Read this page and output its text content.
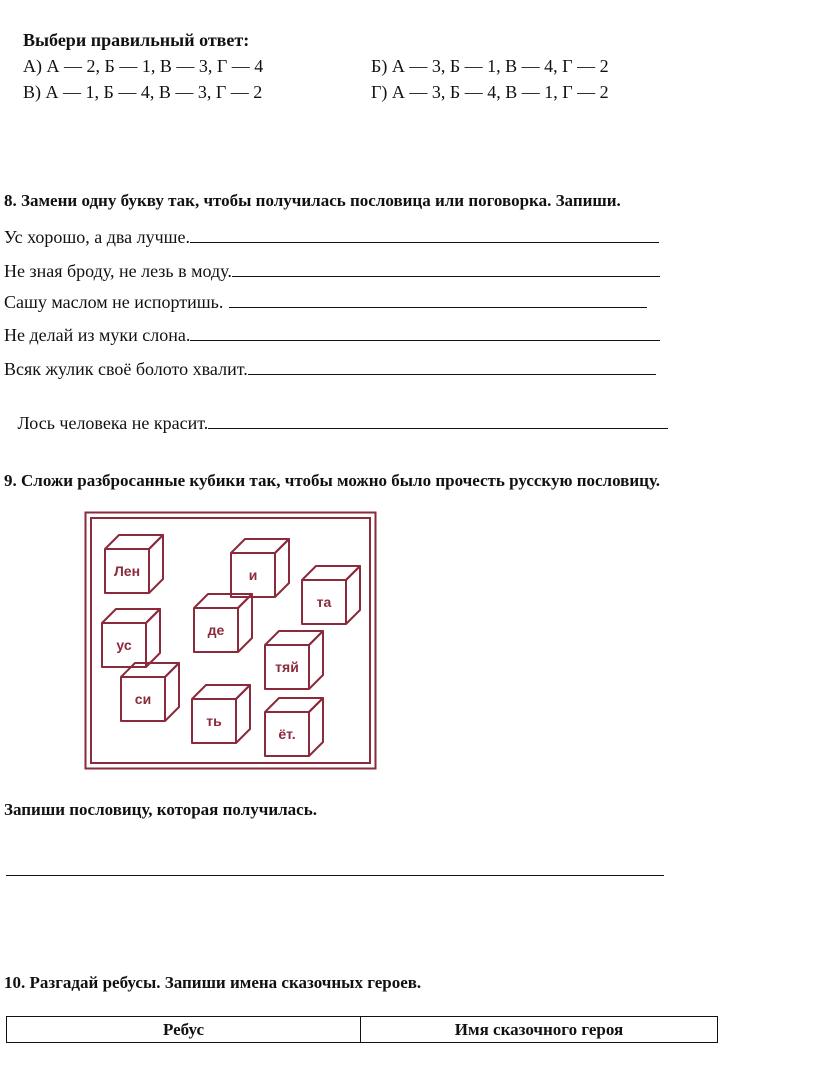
Выбери правильный ответ:
А) А — 2, Б — 1, В — 3, Г — 4	Б) А — 3, Б — 1, В — 4, Г — 2
В) А — 1, Б — 4, В — 3, Г — 2	Г) А — 3, Б — 4, В — 1, Г — 2
8. Замени одну букву так, чтобы получилась пословица или поговорка. Запиши.
Ус хорошо, а два лучше.
Не зная броду, не лезь в моду.
Сашу маслом не испортишь.
Не делай из муки слона.
Всяк жулик своё болото хвалит.

Лось человека не красит.

9. Сложи разбросанные кубики так, чтобы можно было прочесть русскую пословицу.
Лен	и
та
де
ус
тяй
си
ть
ёт.
Запиши пословицу, которая получилась.
10. Разгадай ребусы. Запиши имена сказочных героев.
Ребус	Имя сказочного героя
